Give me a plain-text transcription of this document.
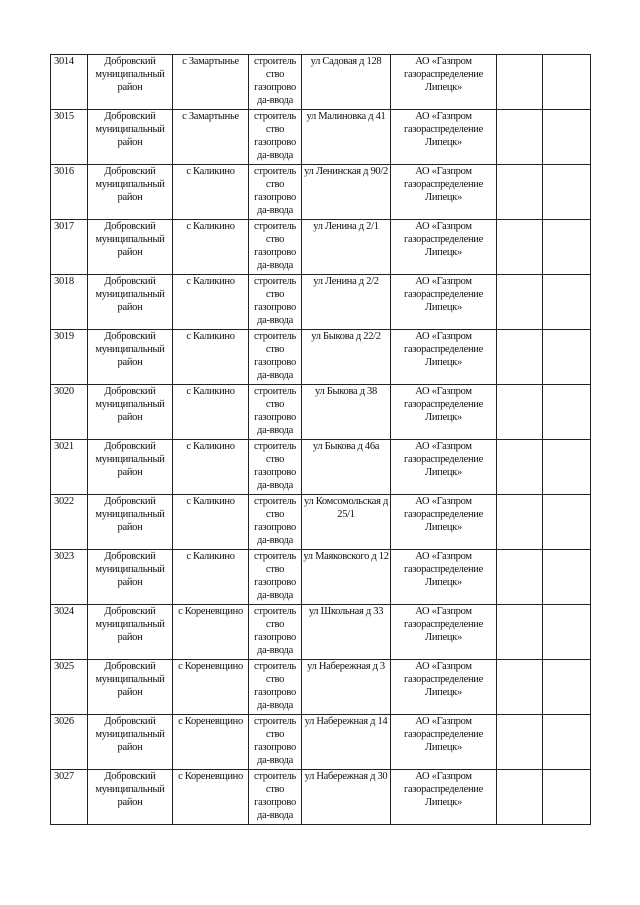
3014	Добровский муниципальный район	с Замартынье	строитель ство газопрово да-ввода	ул Садовая д 128	АО «Газпром газораспределение Липецк»		
3015	Добровский муниципальный район	с Замартынье	строитель ство газопрово да-ввода	ул Малиновка д 41	АО «Газпром газораспределение Липецк»		
3016	Добровский муниципальный район	с Каликино	строитель ство газопрово да-ввода	ул Ленинская д 90/2	АО «Газпром газораспределение Липецк»		
3017	Добровский муниципальный район	с Каликино	строитель ство газопрово да-ввода	ул Ленина д 2/1	АО «Газпром газораспределение Липецк»		
3018	Добровский муниципальный район	с Каликино	строитель ство газопрово да-ввода	ул Ленина д 2/2	АО «Газпром газораспределение Липецк»		
3019	Добровский муниципальный район	с Каликино	строитель ство газопрово да-ввода	ул Быкова д 22/2	АО «Газпром газораспределение Липецк»		
3020	Добровский муниципальный район	с Каликино	строитель ство газопрово да-ввода	ул Быкова д 38	АО «Газпром газораспределение Липецк»		
3021	Добровский муниципальный район	с Каликино	строитель ство газопрово да-ввода	ул Быкова д 46а	АО «Газпром газораспределение Липецк»		
3022	Добровский муниципальный район	с Каликино	строитель ство газопрово да-ввода	ул Комсомольская д 25/1	АО «Газпром газораспределение Липецк»		
3023	Добровский муниципальный район	с Каликино	строитель ство газопрово да-ввода	ул Маяковского д 12	АО «Газпром газораспределение Липецк»		
3024	Добровский муниципальный район	с Кореневщино	строитель ство газопрово да-ввода	ул Школьная д 33	АО «Газпром газораспределение Липецк»		
3025	Добровский муниципальный район	с Кореневщино	строитель ство газопрово да-ввода	ул Набережная д 3	АО «Газпром газораспределение Липецк»		
3026	Добровский муниципальный район	с Кореневщино	строитель ство газопрово да-ввода	ул Набережная д 14	АО «Газпром газораспределение Липецк»		
3027	Добровский муниципальный район	с Кореневщино	строитель ство газопрово да-ввода	ул Набережная д 30	АО «Газпром газораспределение Липецк»		
